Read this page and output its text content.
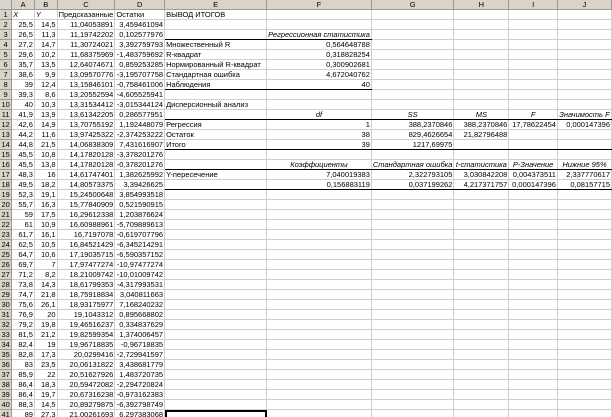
	A	B	C	D	E	F	G	H	I	J
1	X	Y	Предсказанные	Остатки	ВЫВОД ИТОГОВ					
2	25,5	14,5	11,04053891	3,459461094						
3	26,5	11,3	11,19742202	0,102577976		Регрессионная статистика				
4	27,2	14,7	11,30724021	3,392759793	Множественный R	0,564648788				
5	29,6	10,2	11,68375969	-1,483759692	R-квадрат	0,318828254				
6	35,7	13,5	12,64074671	0,859253285	Нормированный R-квадрат	0,300902681				
7	38,6	9,9	13,09570776	-3,195707758	Стандартная ошибка	4,672040762				
8	39	12,4	13,15846101	-0,758461006	Наблюдения	40				
9	39,3	8,6	13,20552594	-4,605525941						
10	40	10,3	13,31534412	-3,015344124	Дисперсионный анализ					
11	41,9	13,9	13,61342205	0,286577951		df	SS	MS	F	Значимость F
12	42,6	14,9	13,70755192	1,192448079	Регрессия	1	388,2370846	388,2370846	17,78622454	0,000147396
13	44,2	11,6	13,97425322	-2,374253222	Остаток	38	829,4626654	21,82796488		
14	44,8	21,5	14,06838309	7,431616907	Итого	39	1217,69975			
15	45,5	10,8	14,17820128	-3,378201276						
16	45,5	13,8	14,17820128	-0,378201276		Коэффициенты	Стандартная ошибка	t-статистика	P-Значение	Нижние 95%
17	48,3	16	14,61747401	1,382625992	Y-пересечение	7,040019383	2,322793105	3,030842208	0,004373511	2,337770617
18	49,5	18,2	14,80573375	3,39426625		0,156883119	0,037199262	4,217371757	0,000147396	0,08157715
19	52,3	19,1	15,24500648	3,854993518						
20	55,7	16,3	15,77840909	0,521590915						
21	59	17,5	16,29612338	1,203876624						
22	61	10,9	16,60988961	-5,709889613						
23	61,7	16,1	16,7197078	-0,619707796						
24	62,5	10,5	16,84521429	-6,345214291						
25	64,7	10,6	17,19035715	-6,590357152						
26	69,7	7	17,97477274	-10,97477274						
27	71,2	8,2	18,21009742	-10,01009742						
28	73,8	14,3	18,61799353	-4,317993531						
29	74,7	21,8	18,75918834	3,040811663						
30	75,6	26,1	18,93175977	7,168240232						
31	76,9	20	19,1043312	0,895668802						
32	79,2	19,8	19,46516237	0,334837629						
33	81,5	21,2	19,82599354	1,374006457						
34	82,4	19	19,96718835	-0,96718835						
35	82,8	17,3	20,0299416	-2,729941597						
36	83	23,5	20,06131822	3,438681779						
37	85,9	22	20,51627926	1,483720735						
38	86,4	18,3	20,59472082	-2,294720824						
39	86,4	19,7	20,67316238	-0,973162383						
40	88,3	14,5	20,89279875	-6,392798749						
41	89	27,3	21,00261693	6,297383068						
